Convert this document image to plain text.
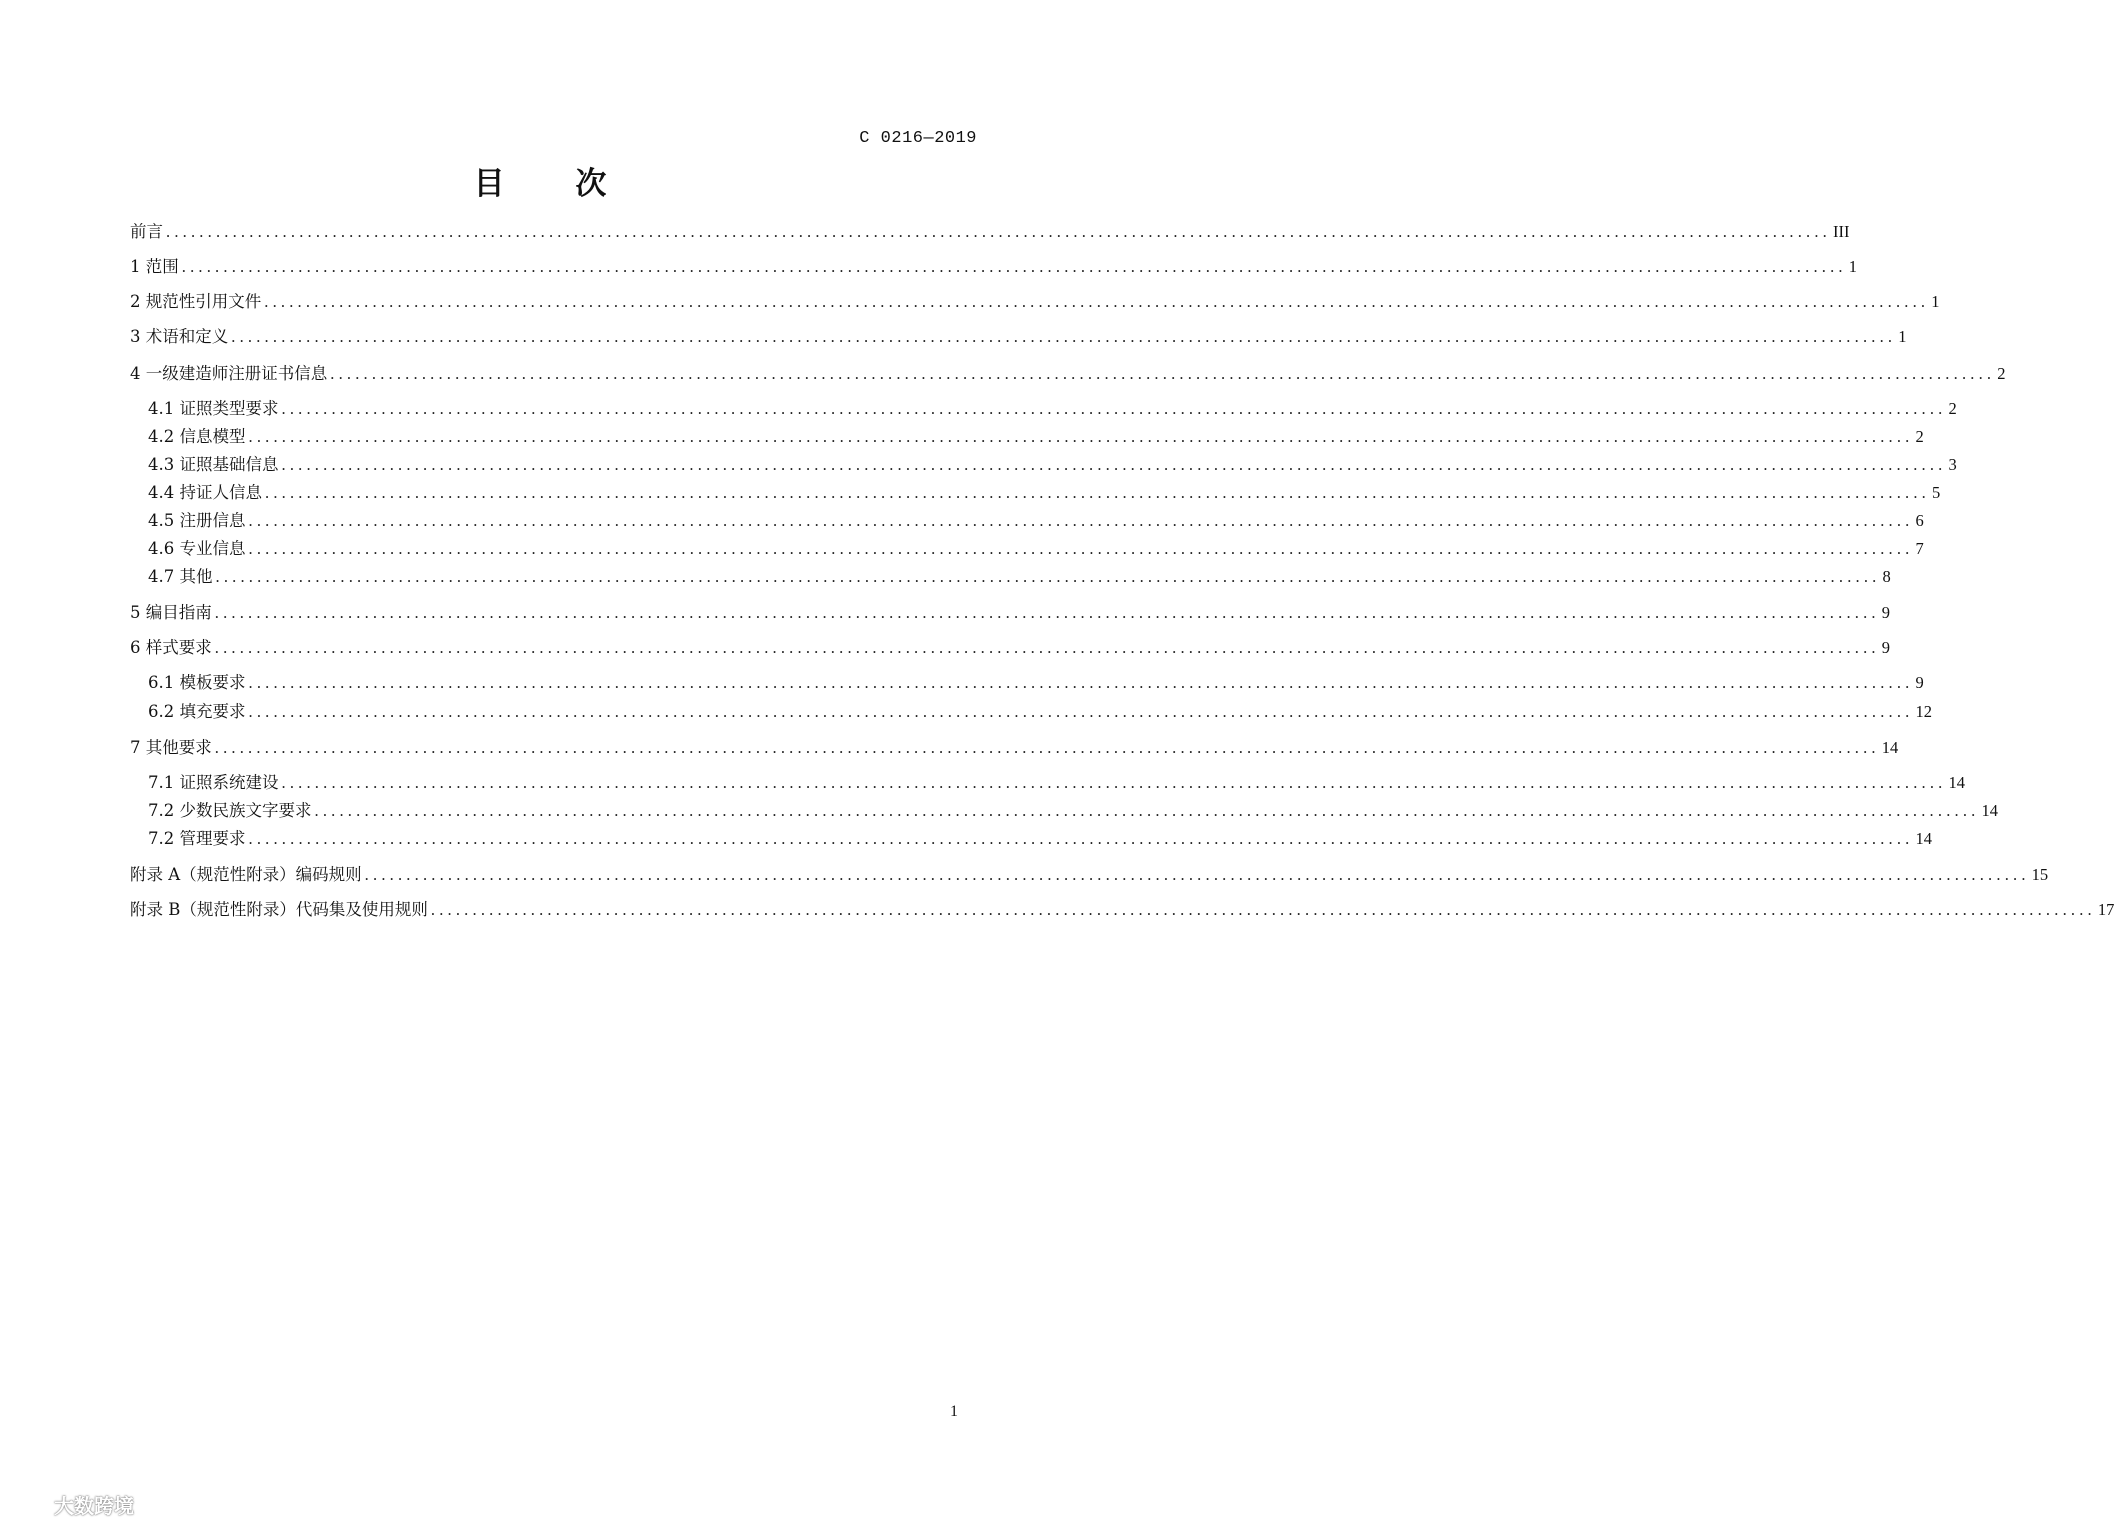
C 0216—2019
目 次
前言 ........................................................................................................................................................................................................ III
1 范围 ........................................................................................................................................................................................................ 1
2 规范性引用文件 ........................................................................................................................................................................................................ 1
3 术语和定义 ........................................................................................................................................................................................................ 1
4 一级建造师注册证书信息 ........................................................................................................................................................................................................ 2
4.1 证照类型要求 ........................................................................................................................................................................................................ 2
4.2 信息模型 ........................................................................................................................................................................................................ 2
4.3 证照基础信息 ........................................................................................................................................................................................................ 3
4.4 持证人信息 ........................................................................................................................................................................................................ 5
4.5 注册信息 ........................................................................................................................................................................................................ 6
4.6 专业信息 ........................................................................................................................................................................................................ 7
4.7 其他 ........................................................................................................................................................................................................ 8
5 编目指南 ........................................................................................................................................................................................................ 9
6 样式要求 ........................................................................................................................................................................................................ 9
6.1 模板要求 ........................................................................................................................................................................................................ 9
6.2 填充要求 ........................................................................................................................................................................................................ 12
7 其他要求 ........................................................................................................................................................................................................ 14
7.1 证照系统建设 ........................................................................................................................................................................................................ 14
7.2 少数民族文字要求 ........................................................................................................................................................................................................ 14
7.2 管理要求 ........................................................................................................................................................................................................ 14
附录 A（规范性附录）编码规则 ........................................................................................................................................................................................................ 15
附录 B（规范性附录）代码集及使用规则 ........................................................................................................................................................................................................ 17
1
大数跨境
